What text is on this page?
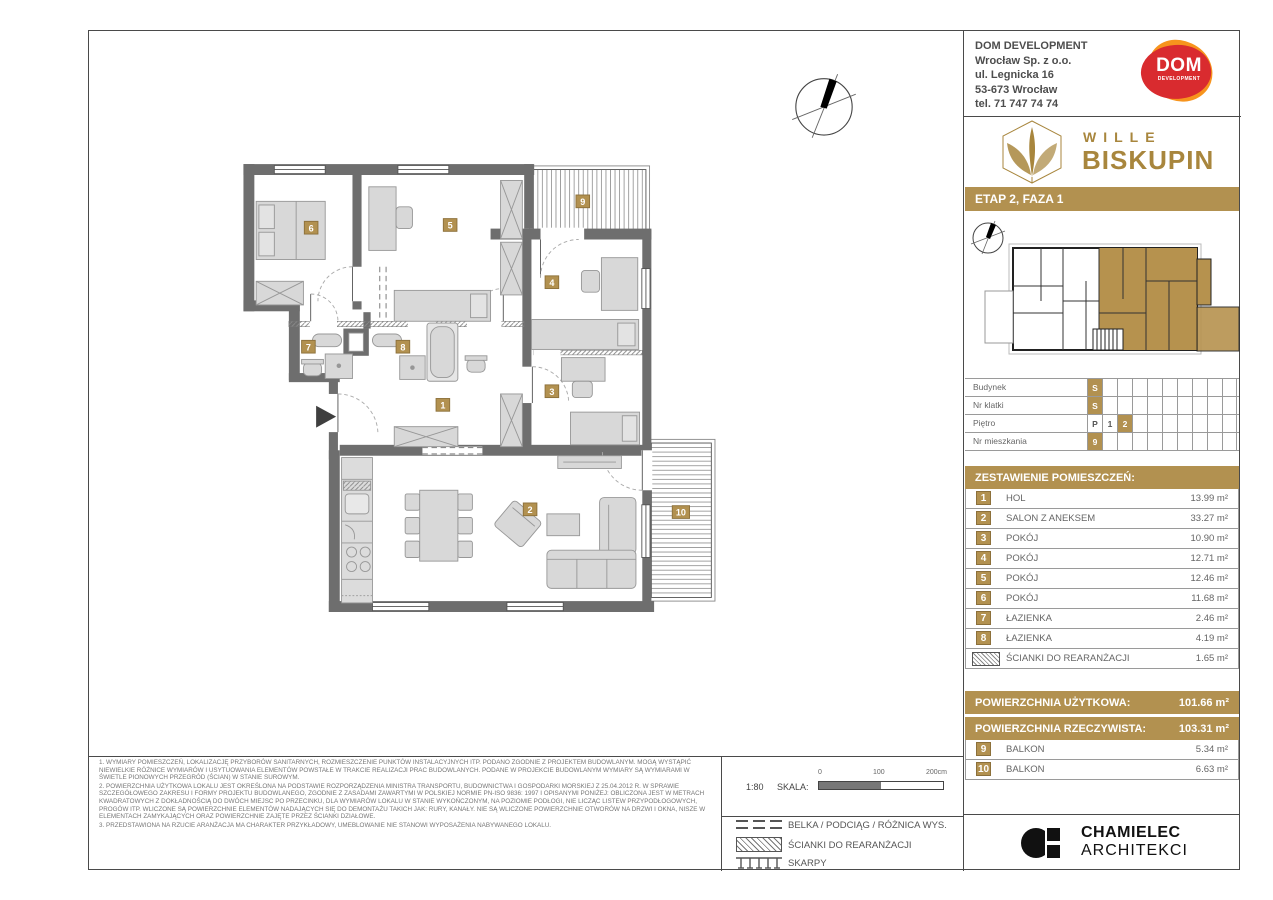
1
2
3
4
5
6
7	8
9
10
DOM DEVELOPMENT
Wrocław Sp. z o.o.
ul. Legnicka 16
53-673 Wrocław
tel. 71 747 74 74
DOM
DEVELOPMENT
WILLE
BISKUPIN
ETAP 2, FAZA 1
Budynek	S
Nr klatki	S
Piętro	P	1	2
Nr mieszkania	9
ZESTAWIENIE POMIESZCZEŃ:
1	HOL	13.99 m²
2	SALON Z ANEKSEM	33.27 m²
3	POKÓJ	10.90 m²
4	POKÓJ	12.71 m²
5	POKÓJ	12.46 m²
6	POKÓJ	11.68 m²
7	ŁAZIENKA	2.46 m²
8	ŁAZIENKA	4.19 m²
ŚCIANKI DO REARANŻACJI	1.65 m²
POWIERZCHNIA UŻYTKOWA:	101.66 m²
POWIERZCHNIA RZECZYWISTA:	103.31 m²
9	BALKON	5.34 m²
10 BALKON	6.63 m²

1. WYMIARY POMIESZCZEŃ, LOKALIZACJĘ PRZYBORÓW SANITARNYCH, ROZMIESZCZENIE PUNKTÓW INSTALACYJNYCH ITP. PODANO ZGODNIE Z PROJEKTEM BUDOWLANYM. MOGĄ WYSTĄPIĆ NIEWIELKIE RÓŻNICE WYMIARÓW I USYTUOWANIA ELEMENTÓW POWSTAŁE W TRAKCIE REALIZACJI PRAC BUDOWLANYCH. PODANE W PROJEKCIE BUDOWLANYM WYMIARY SĄ WYMIARAMI W ŚWIETLE PIONOWYCH PRZEGRÓD (ŚCIAN) W STANIE SUROWYM.

2. POWIERZCHNIA UŻYTKOWA LOKALU JEST OKREŚLONA NA PODSTAWIE ROZPORZĄDZENIA MINISTRA TRANSPORTU, BUDOWNICTWA I GOSPODARKI MORSKIEJ Z 25.04.2012 R. W SPRAWIE SZCZEGÓŁOWEGO ZAKRESU I FORMY PROJEKTU BUDOWLANEGO, ZGODNIE Z ZASADAMI ZAWARTYMI W POLSKIEJ NORMIE PN-ISO 9836: 1997 I OPISANYMI PONIŻEJ: OBLICZONA JEST W METRACH KWADRATOWYCH Z DOKŁADNOŚCIĄ DO DWÓCH MIEJSC PO PRZECINKU, DLA WYMIARÓW LOKALU W STANIE WYKOŃCZONYM, NA POZIOMIE PODŁOGI, NIE LICZĄC LISTEW PRZYPODŁOGOWYCH, PROGÓW ITP. WLICZONE SĄ POWIERZCHNIE ELEMENTÓW NADAJĄCYCH SIĘ DO DEMONTAŻU TAKICH JAK: RURY, KANAŁY. NIE SĄ WLICZONE POWIERZCHNIE OTWORÓW NA DRZWI I OKNA, NISZE W ELEMENTACH ZAMYKAJĄCYCH ORAZ POWIERZCHNIE ZAJĘTE PRZEZ ŚCIANKI DZIAŁOWE.

3. PRZEDSTAWIONA NA RZUCIE ARANŻACJA MA CHARAKTER PRZYKŁADOWY, UMEBLOWANIE NIE STANOWI WYPOSAŻENIA NABYWANEGO LOKALU.

1:80 SKALA:
0	100	200cm
BELKA / PODCIĄG / RÓŻNICA WYS.
ŚCIANKI DO REARANŻACJI
SKARPY
CHAMIELEC
ARCHITEKCI
